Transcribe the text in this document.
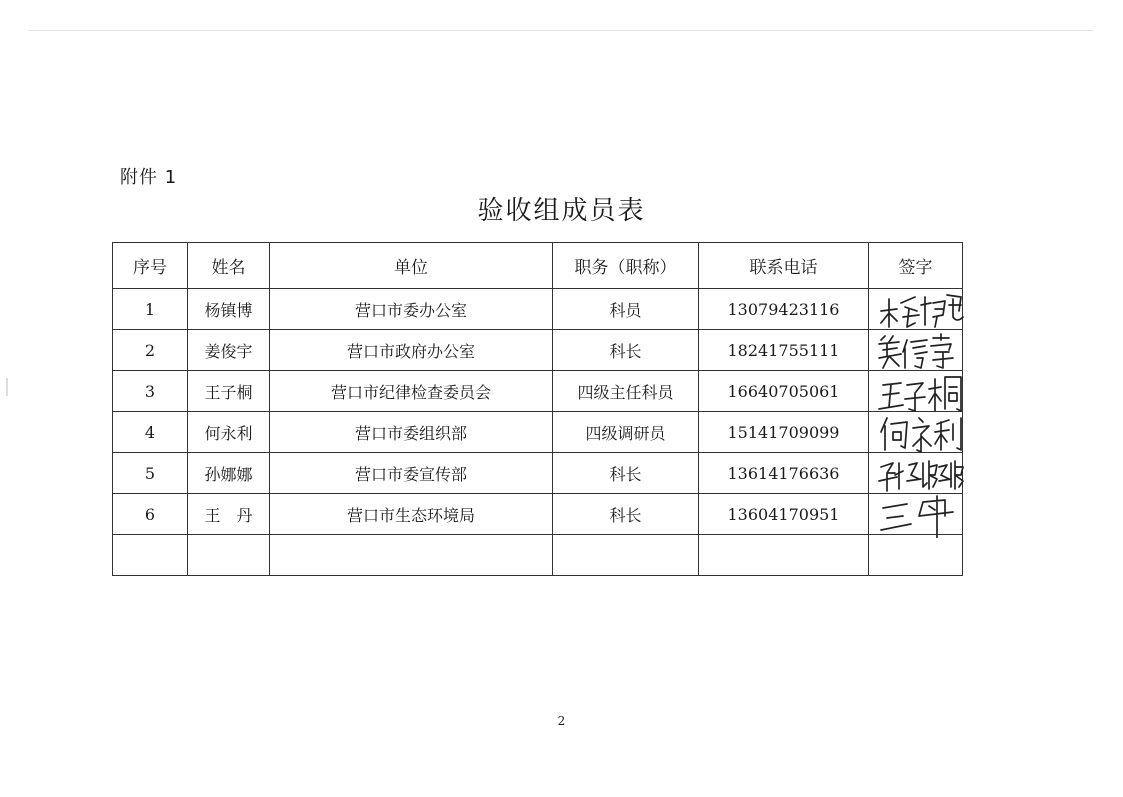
附件 1
验收组成员表
序号	姓名	单位	职务（职称）	联系电话	签字
1	杨镇博	营口市委办公室	科员	13079423116	

2	姜俊宇	营口市政府办公室	科长	18241755111	

3	王子桐	营口市纪律检查委员会	四级主任科员	16640705061	

4	何永利	营口市委组织部	四级调研员	15141709099	

5	孙娜娜	营口市委宣传部	科长	13614176636	

6	王　丹	营口市生态环境局	科长	13604170951	

2
